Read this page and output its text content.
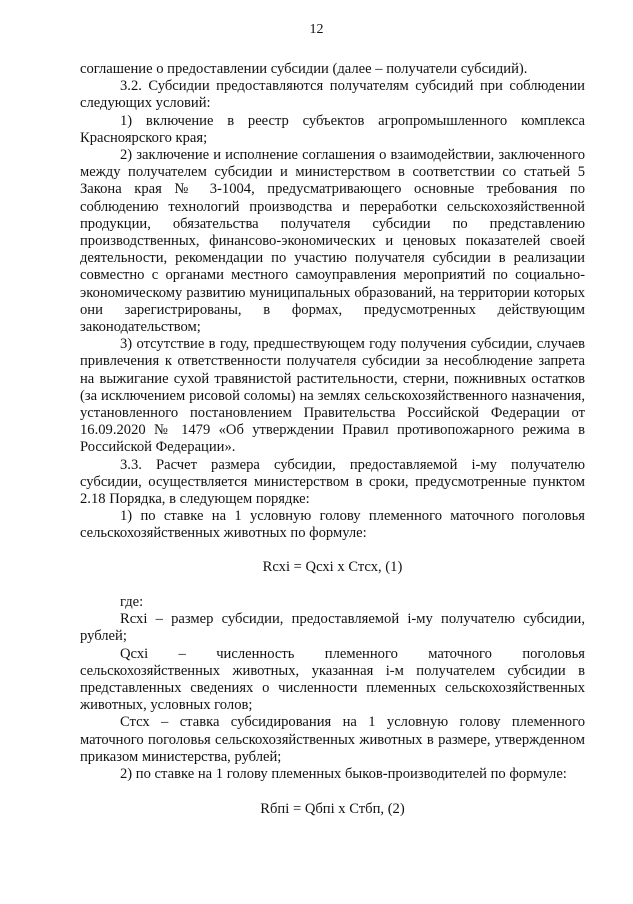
12

соглашение о предоставлении субсидии (далее – получатели субсидий).

3.2. Субсидии предоставляются получателям субсидий при соблюдении следующих условий:

1) включение в реестр субъектов агропромышленного комплекса Красноярского края;

2) заключение и исполнение соглашения о взаимодействии, заключенного между получателем субсидии и министерством в соответствии со статьей 5 Закона края № 3-1004, предусматривающего основные требования по соблюдению технологий производства и переработки сельскохозяйственной продукции, обязательства получателя субсидии по представлению производственных, финансово-экономических и ценовых показателей своей деятельности, рекомендации по участию получателя субсидии в реализации совместно с органами местного самоуправления мероприятий по социально-экономическому развитию муниципальных образований, на территории которых они зарегистрированы, в формах, предусмотренных действующим законодательством;

3) отсутствие в году, предшествующем году получения субсидии, случаев привлечения к ответственности получателя субсидии за несоблюдение запрета на выжигание сухой травянистой растительности, стерни, пожнивных остатков (за исключением рисовой соломы) на землях сельскохозяйственного назначения, установленного постановлением Правительства Российской Федерации от 16.09.2020 № 1479 «Об утверждении Правил противопожарного режима в Российской Федерации».

3.3. Расчет размера субсидии, предоставляемой i-му получателю субсидии, осуществляется министерством в сроки, предусмотренные пунктом 2.18 Порядка, в следующем порядке:

1) по ставке на 1 условную голову племенного маточного поголовья сельскохозяйственных животных по формуле:

Rсхi = Qсхi х Стсх, (1)

где:

Rсхi – размер субсидии, предоставляемой i-му получателю субсидии, рублей;

Qсхi – численность племенного маточного поголовья сельскохозяйственных животных, указанная i-м получателем субсидии в представленных сведениях о численности племенных сельскохозяйственных животных, условных голов;

Стсх – ставка субсидирования на 1 условную голову племенного маточного поголовья сельскохозяйственных животных в размере, утвержденном приказом министерства, рублей;

2) по ставке на 1 голову племенных быков-производителей по формуле:

Rбпi = Qбпi х Стбп, (2)
